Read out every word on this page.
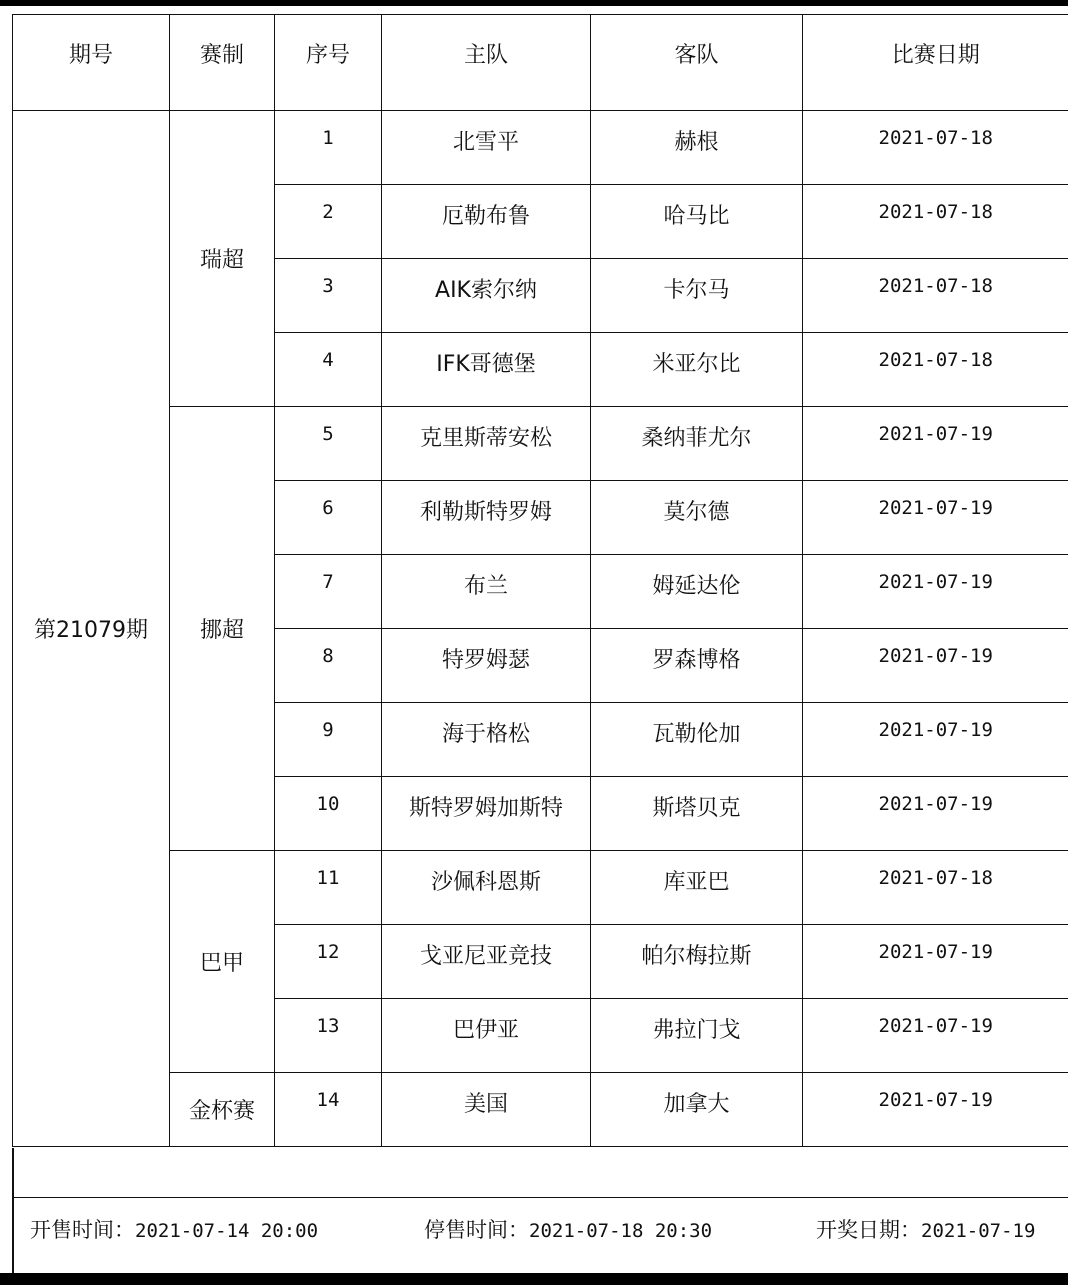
期号	赛制	序号	主队	客队	比赛日期
第21079期	瑞超	1	北雪平	赫根	2021-07-18
		2	厄勒布鲁	哈马比	2021-07-18
		3	AIK索尔纳	卡尔马	2021-07-18
		4	IFK哥德堡	米亚尔比	2021-07-18
	挪超	5	克里斯蒂安松	桑纳菲尤尔	2021-07-19
		6	利勒斯特罗姆	莫尔德	2021-07-19
		7	布兰	姆延达伦	2021-07-19
		8	特罗姆瑟	罗森博格	2021-07-19
		9	海于格松	瓦勒伦加	2021-07-19
		10	斯特罗姆加斯特	斯塔贝克	2021-07-19
	巴甲	11	沙佩科恩斯	库亚巴	2021-07-18
		12	戈亚尼亚竞技	帕尔梅拉斯	2021-07-19
		13	巴伊亚	弗拉门戈	2021-07-19
	金杯赛	14	美国	加拿大	2021-07-19
开售时间：2021-07-14 20:00	停售时间：2021-07-18 20:30	开奖日期：2021-07-19
